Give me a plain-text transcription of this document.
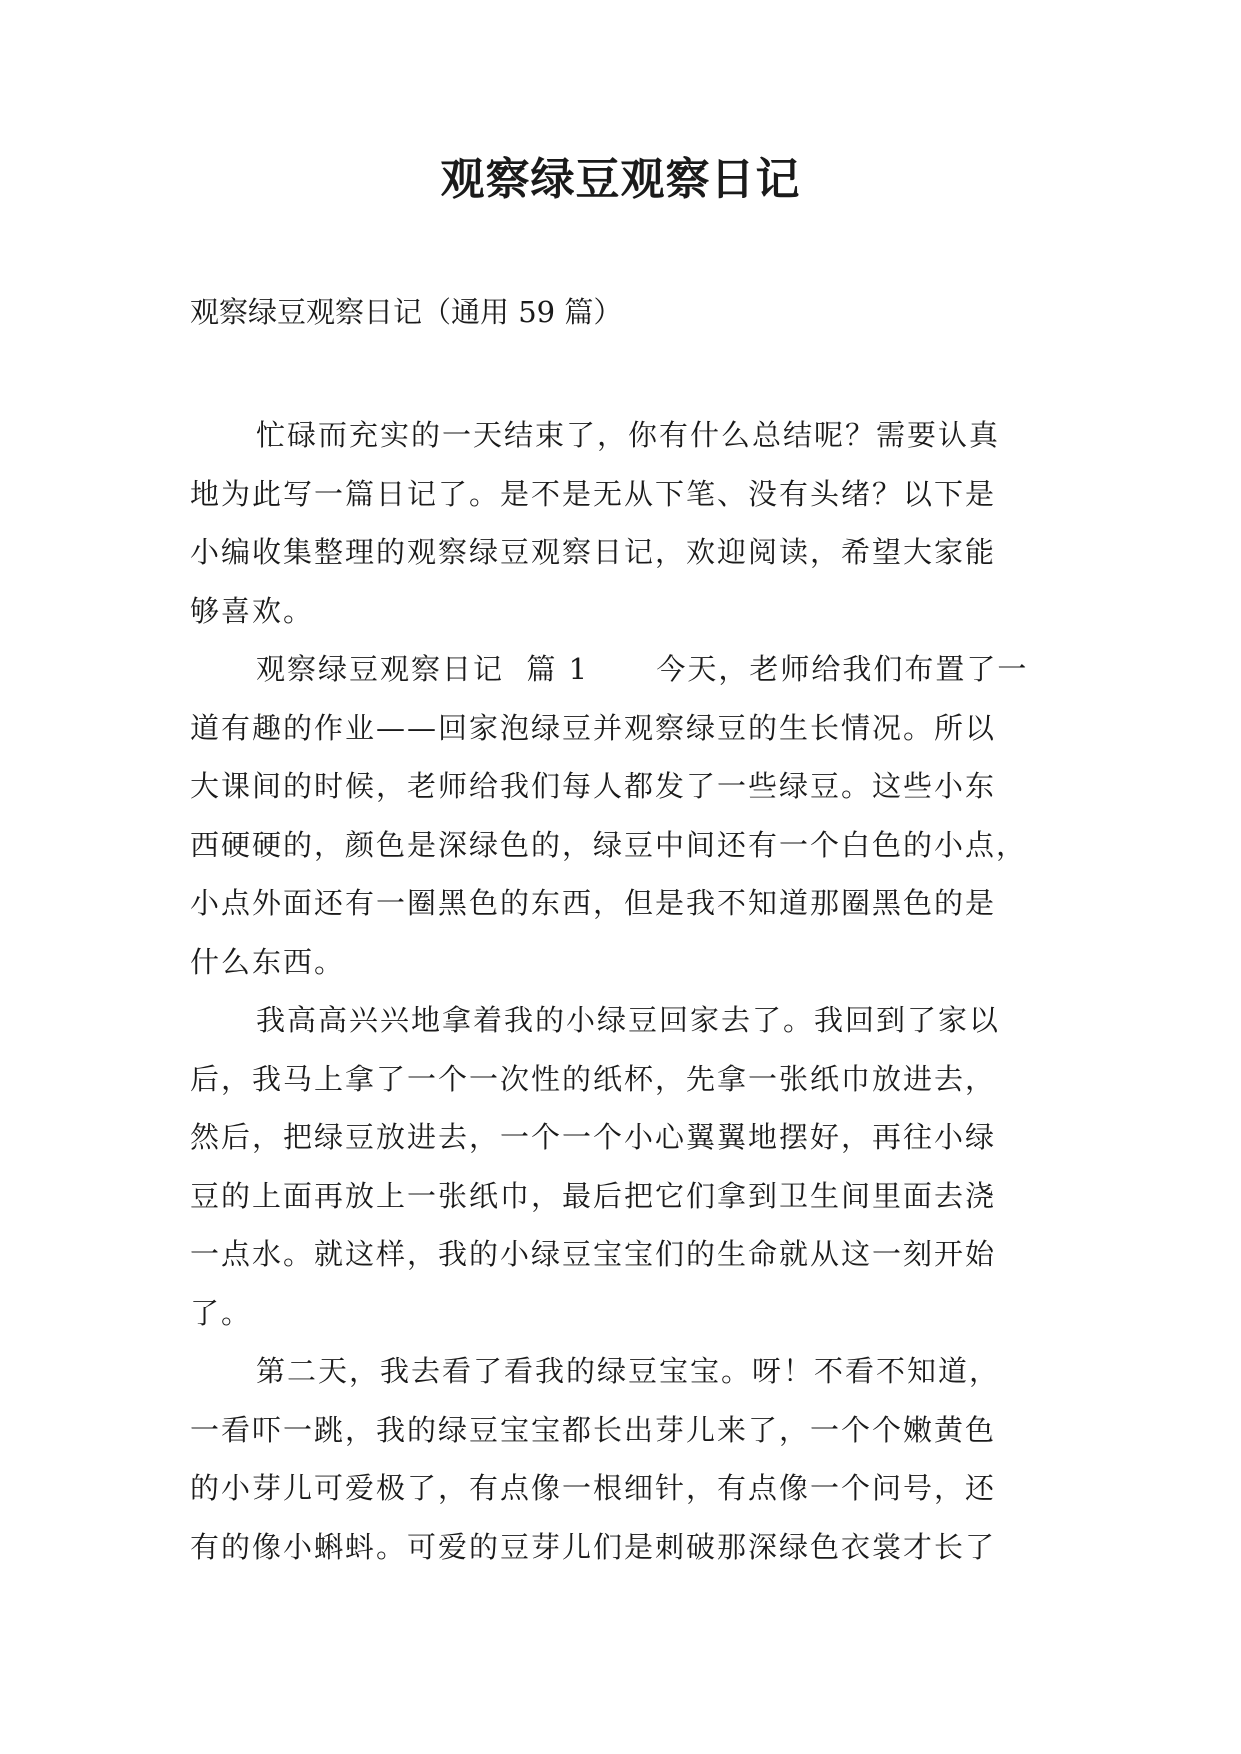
观察绿豆观察日记

观察绿豆观察日记（通用 59 篇）

忙碌而充实的一天结束了，你有什么总结呢？需要认真
地为此写一篇日记了。是不是无从下笔、没有头绪？以下是
小编收集整理的观察绿豆观察日记，欢迎阅读，希望大家能
够喜欢。

观察绿豆观察日记  篇 1      今天，老师给我们布置了一
道有趣的作业——回家泡绿豆并观察绿豆的生长情况。所以
大课间的时候，老师给我们每人都发了一些绿豆。这些小东
西硬硬的，颜色是深绿色的，绿豆中间还有一个白色的小点，
小点外面还有一圈黑色的东西，但是我不知道那圈黑色的是
什么东西。

我高高兴兴地拿着我的小绿豆回家去了。我回到了家以
后，我马上拿了一个一次性的纸杯，先拿一张纸巾放进去，
然后，把绿豆放进去，一个一个小心翼翼地摆好，再往小绿
豆的上面再放上一张纸巾，最后把它们拿到卫生间里面去浇
一点水。就这样，我的小绿豆宝宝们的生命就从这一刻开始
了。

第二天，我去看了看我的绿豆宝宝。呀！不看不知道，
一看吓一跳，我的绿豆宝宝都长出芽儿来了，一个个嫩黄色
的小芽儿可爱极了，有点像一根细针，有点像一个问号，还
有的像小蝌蚪。可爱的豆芽儿们是刺破那深绿色衣裳才长了
